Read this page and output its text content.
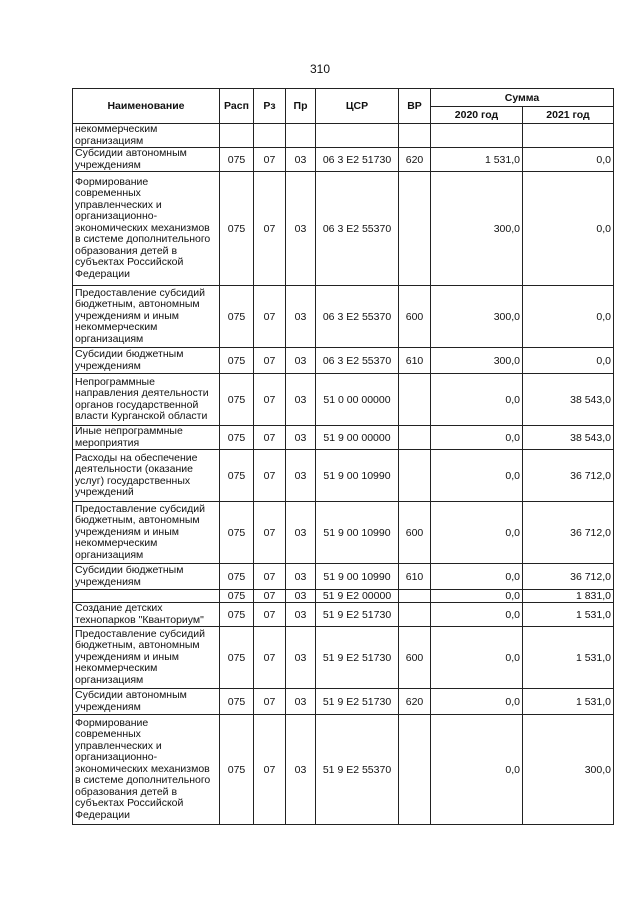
310
Наименование	Расп	Рз	Пр	ЦСР	ВР	Сумма	
						2020 год	2021 год
некоммерческим организациям							
Субсидии автономным учреждениям	075	07	03	06 3 Е2 51730	620	1 531,0	0,0
Формирование современных управленческих и организационно-экономических механизмов в системе дополнительного образования детей в субъектах Российской Федерации	075	07	03	06 3 Е2 55370		300,0	0,0
Предоставление субсидий бюджетным, автономным учреждениям и иным некоммерческим организациям	075	07	03	06 3 Е2 55370	600	300,0	0,0
Субсидии бюджетным учреждениям	075	07	03	06 3 Е2 55370	610	300,0	0,0
Непрограммные направления деятельности органов государственной власти Курганской области	075	07	03	51 0 00 00000		0,0	38 543,0
Иные непрограммные мероприятия	075	07	03	51 9 00 00000		0,0	38 543,0
Расходы на обеспечение деятельности (оказание услуг) государственных учреждений	075	07	03	51 9 00 10990		0,0	36 712,0
Предоставление субсидий бюджетным, автономным учреждениям и иным некоммерческим организациям	075	07	03	51 9 00 10990	600	0,0	36 712,0
Субсидии бюджетным учреждениям	075	07	03	51 9 00 10990	610	0,0	36 712,0
	075	07	03	51 9 Е2 00000		0,0	1 831,0
Создание детских технопарков "Кванториум"	075	07	03	51 9 Е2 51730		0,0	1 531,0
Предоставление субсидий бюджетным, автономным учреждениям и иным некоммерческим организациям	075	07	03	51 9 Е2 51730	600	0,0	1 531,0
Субсидии автономным учреждениям	075	07	03	51 9 Е2 51730	620	0,0	1 531,0
Формирование современных управленческих и организационно-экономических механизмов в системе дополнительного образования детей в субъектах Российской Федерации	075	07	03	51 9 Е2 55370		0,0	300,0
